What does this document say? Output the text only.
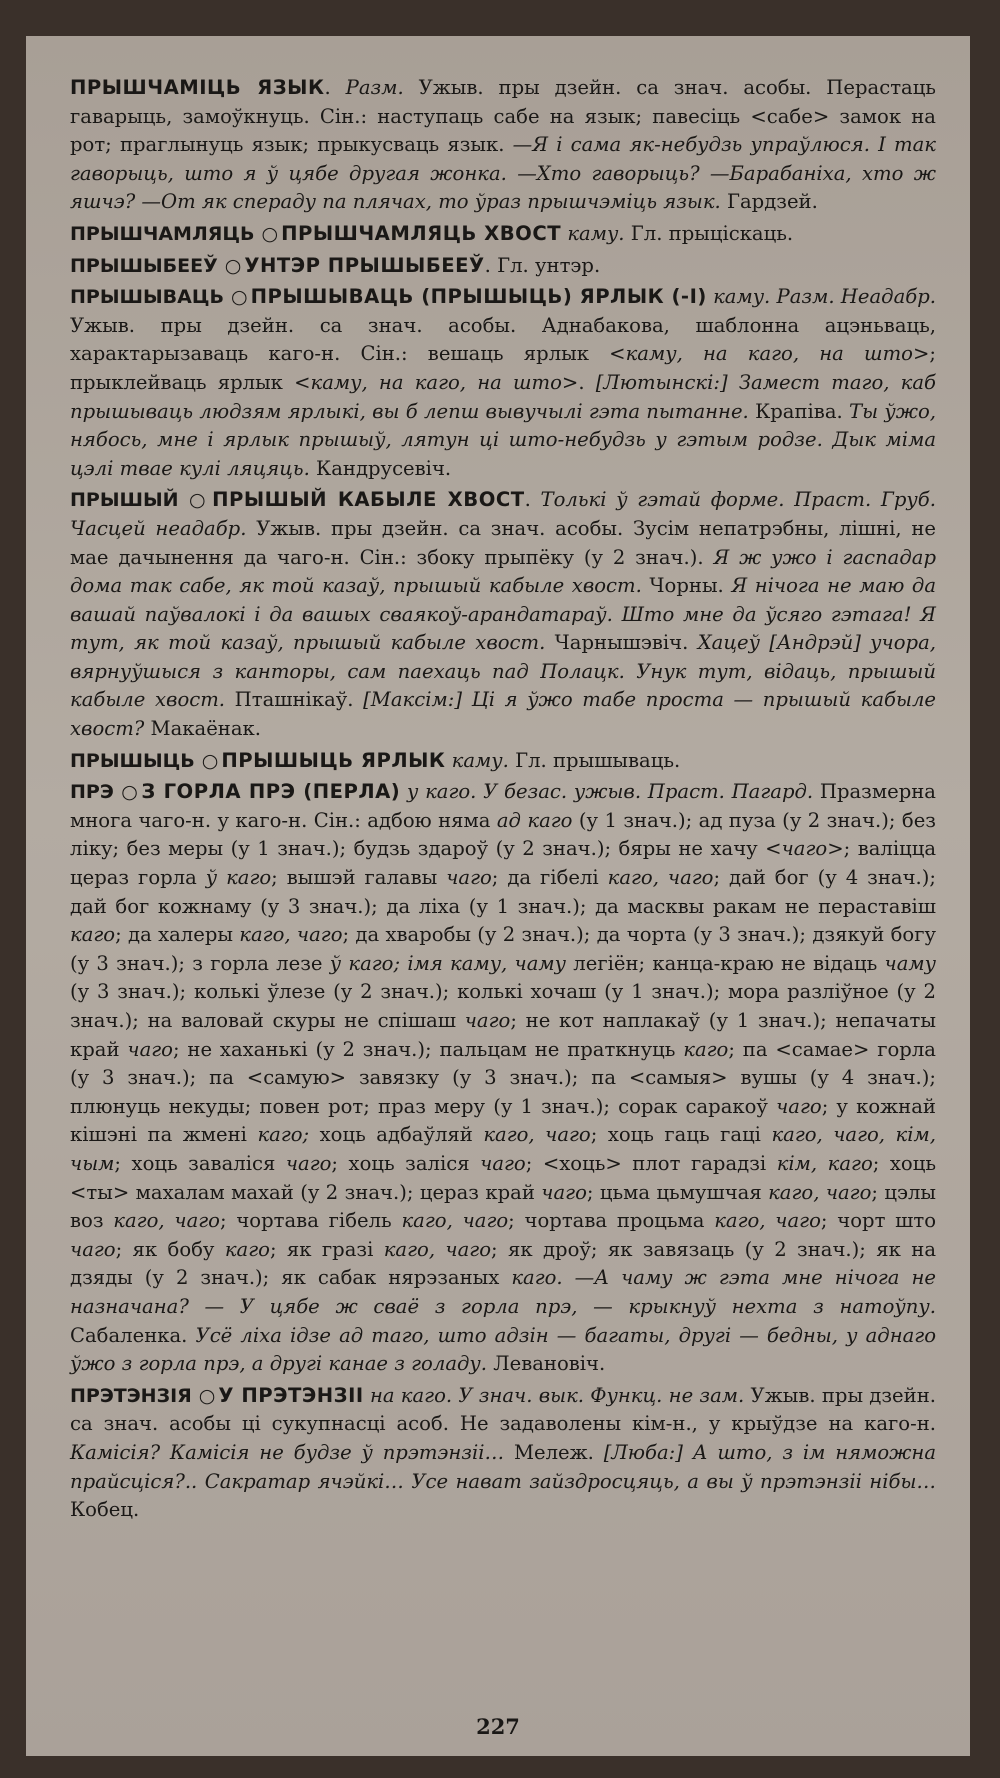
ПРЫШЧАМІЦЬ ЯЗЫК. Разм. Ужыв. пры дзейн. са знач. асобы. Перастаць гаварыць, замоўкнуць. Сін.: наступаць сабе на язык; павесіць <сабе> замок на рот; праглынуць язык; прыкусваць язык. —Я і сама як-небудзь упраўлюся. І так гаворыць, што я ў цябе другая жонка. —Хто гаворыць? —Барабаніха, хто ж яшчэ? —От як спераду па плячах, то ўраз прышчэміць язык. Гардзей.

ПРЫШЧАМЛЯЦЬ ○ ПРЫШЧАМЛЯЦЬ ХВОСТ каму. Гл. прыціскаць.

ПРЫШЫБЕЕЎ ○ УНТЭР ПРЫШЫБЕЕЎ. Гл. унтэр.

ПРЫШЫВАЦЬ ○ ПРЫШЫВАЦЬ (ПРЫШЫЦЬ) ЯРЛЫК (-І) каму. Разм. Неадабр. Ужыв. пры дзейн. са знач. асобы. Аднабакова, шаблонна ацэньваць, характарызаваць каго-н. Сін.: вешаць ярлык <каму, на каго, на што>; прыклейваць ярлык <каму, на каго, на што>. [Лютынскі:] Замест таго, каб прышываць людзям ярлыкі, вы б лепш вывучылі гэта пытанне. Крапіва. Ты ўжо, нябось, мне і ярлык прышыў, лятун ці што-небудзь у гэтым родзе. Дык міма цэлі твае кулі ляцяць. Кандрусевіч.

ПРЫШЫЙ ○ ПРЫШЫЙ КАБЫЛЕ ХВОСТ. Толькі ў гэтай форме. Праст. Груб. Часцей неадабр. Ужыв. пры дзейн. са знач. асобы. Зусім непатрэбны, лішні, не мае дачынення да чаго-н. Сін.: збоку прыпёку (у 2 знач.). Я ж ужо і гаспадар дома так сабе, як той казаў, прышый кабыле хвост. Чорны. Я нічога не маю да вашай паўвалокі і да вашых сваякоў-арандатараў. Што мне да ўсяго гэтага! Я тут, як той казаў, прышый кабыле хвост. Чарнышэвіч. Хацеў [Андрэй] учора, вярнуўшыся з канторы, сам паехаць пад Полацк. Унук тут, відаць, прышый кабыле хвост. Пташнікаў. [Максім:] Ці я ўжо табе проста — прышый кабыле хвост? Макаёнак.

ПРЫШЫЦЬ ○ ПРЫШЫЦЬ ЯРЛЫК каму. Гл. прышываць.

ПРЭ ○ З ГОРЛА ПРЭ (ПЕРЛА) у каго. У безас. ужыв. Праст. Пагард. Празмерна многа чаго-н. у каго-н. Сін.: адбою няма ад каго (у 1 знач.); ад пуза (у 2 знач.); без ліку; без меры (у 1 знач.); будзь здароў (у 2 знач.); бяры не хачу <чаго>; валіцца цераз горла ў каго; вышэй галавы чаго; да гібелі каго, чаго; дай бог (у 4 знач.); дай бог кожнаму (у 3 знач.); да ліха (у 1 знач.); да масквы ракам не пераставіш каго; да халеры каго, чаго; да хваробы (у 2 знач.); да чорта (у 3 знач.); дзякуй богу (у 3 знач.); з горла лезе ў каго; імя каму, чаму легіён; канца-краю не відаць чаму (у 3 знач.); колькі ўлезе (у 2 знач.); колькі хочаш (у 1 знач.); мора разліўное (у 2 знач.); на валовай скуры не спішаш чаго; не кот наплакаў (у 1 знач.); непачаты край чаго; не хаханькі (у 2 знач.); пальцам не праткнуць каго; па <самае> горла (у 3 знач.); па <самую> завязку (у 3 знач.); па <самыя> вушы (у 4 знач.); плюнуць некуды; повен рот; праз меру (у 1 знач.); сорак саракоў чаго; у кожнай кішэні па жмені каго; хоць адбаўляй каго, чаго; хоць гаць гаці каго, чаго, кім, чым; хоць заваліся чаго; хоць заліся чаго; <хоць> плот гарадзі кім, каго; хоць <ты> махалам махай (у 2 знач.); цераз край чаго; цьма цьмушчая каго, чаго; цэлы воз каго, чаго; чортава гібель каго, чаго; чортава процьма каго, чаго; чорт што чаго; як бобу каго; як гразі каго, чаго; як дроў; як завязаць (у 2 знач.); як на дзяды (у 2 знач.); як сабак нярэзаных каго. —А чаму ж гэта мне нічога не назначана? — У цябе ж сваё з горла прэ, — крыкнуў нехта з натоўпу. Сабаленка. Усё ліха ідзе ад таго, што адзін — багаты, другі — бедны, у аднаго ўжо з горла прэ, а другі канае з голаду. Левановіч.

ПРЭТЭНЗІЯ ○ У ПРЭТЭНЗІІ на каго. У знач. вык. Функц. не зам. Ужыв. пры дзейн. са знач. асобы ці сукупнасці асоб. Не задаволены кім-н., у крыўдзе на каго-н. Камісія? Камісія не будзе ў прэтэнзіі… Мележ. [Люба:] А што, з ім няможна прайсціся?.. Сакратар ячэйкі… Усе нават зайздросцяць, а вы ў прэтэнзіі нібы… Кобец.

227
